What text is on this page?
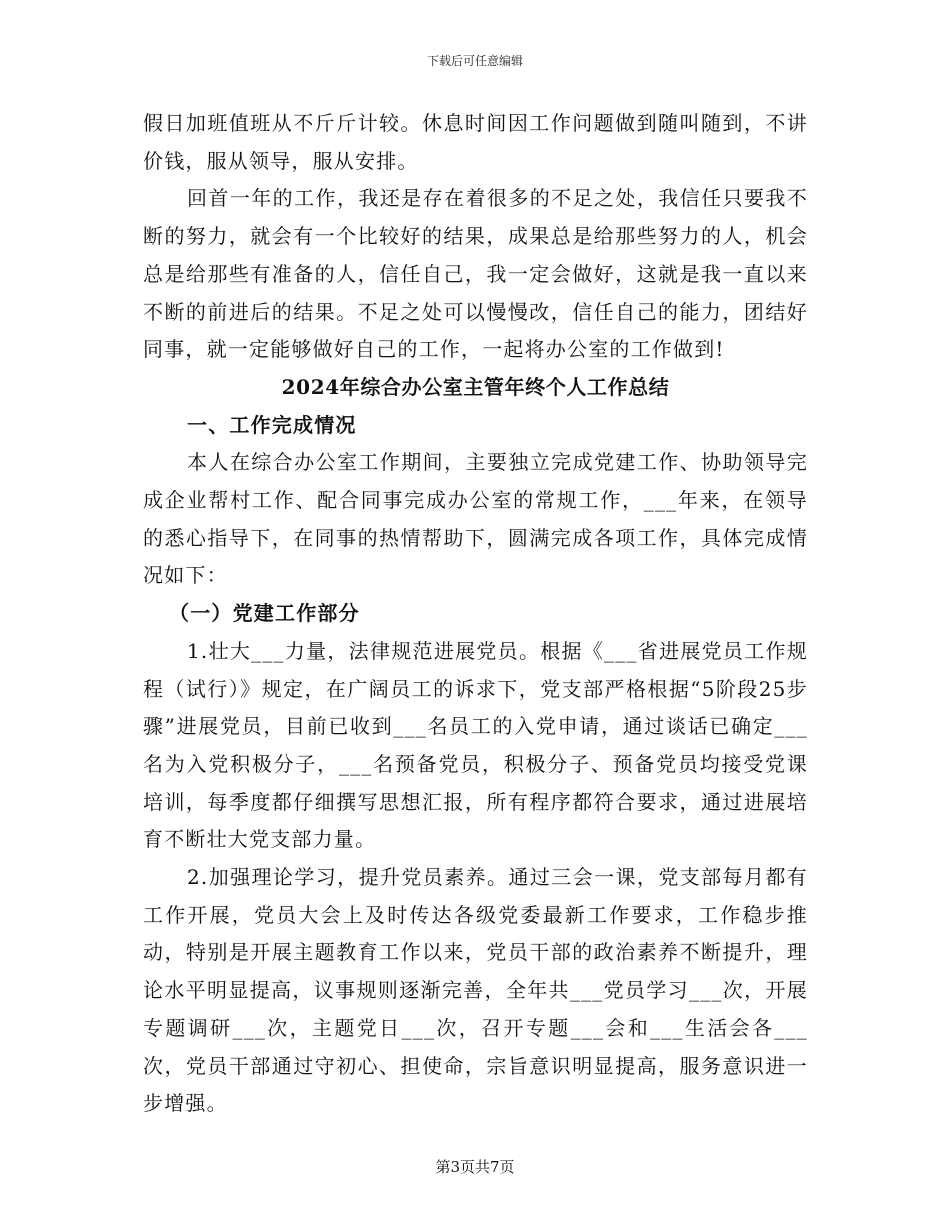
下载后可任意编辑

假日加班值班从不斤斤计较。休息时间因工作问题做到随叫随到，不讲价钱，服从领导，服从安排。

回首一年的工作，我还是存在着很多的不足之处，我信任只要我不断的努力，就会有一个比较好的结果，成果总是给那些努力的人，机会总是给那些有准备的人，信任自己，我一定会做好，这就是我一直以来不断的前进后的结果。不足之处可以慢慢改，信任自己的能力，团结好同事，就一定能够做好自己的工作，一起将办公室的工作做到!

2024年综合办公室主管年终个人工作总结

一、工作完成情况

本人在综合办公室工作期间，主要独立完成党建工作、协助领导完成企业帮村工作、配合同事完成办公室的常规工作，___年来，在领导的悉心指导下，在同事的热情帮助下，圆满完成各项工作，具体完成情况如下：

（一）党建工作部分

1.壮大___力量，法律规范进展党员。根据《___省进展党员工作规程（试行）》规定，在广阔员工的诉求下，党支部严格根据“5阶段25步骤”进展党员，目前已收到___名员工的入党申请，通过谈话已确定___名为入党积极分子，___名预备党员，积极分子、预备党员均接受党课培训，每季度都仔细撰写思想汇报，所有程序都符合要求，通过进展培育不断壮大党支部力量。

2.加强理论学习，提升党员素养。通过三会一课，党支部每月都有工作开展，党员大会上及时传达各级党委最新工作要求，工作稳步推动，特别是开展主题教育工作以来，党员干部的政治素养不断提升，理论水平明显提高，议事规则逐渐完善，全年共___党员学习___次，开展专题调研___次，主题党日___次，召开专题___会和___生活会各___次，党员干部通过守初心、担使命，宗旨意识明显提高，服务意识进一步增强。

第3页共7页
